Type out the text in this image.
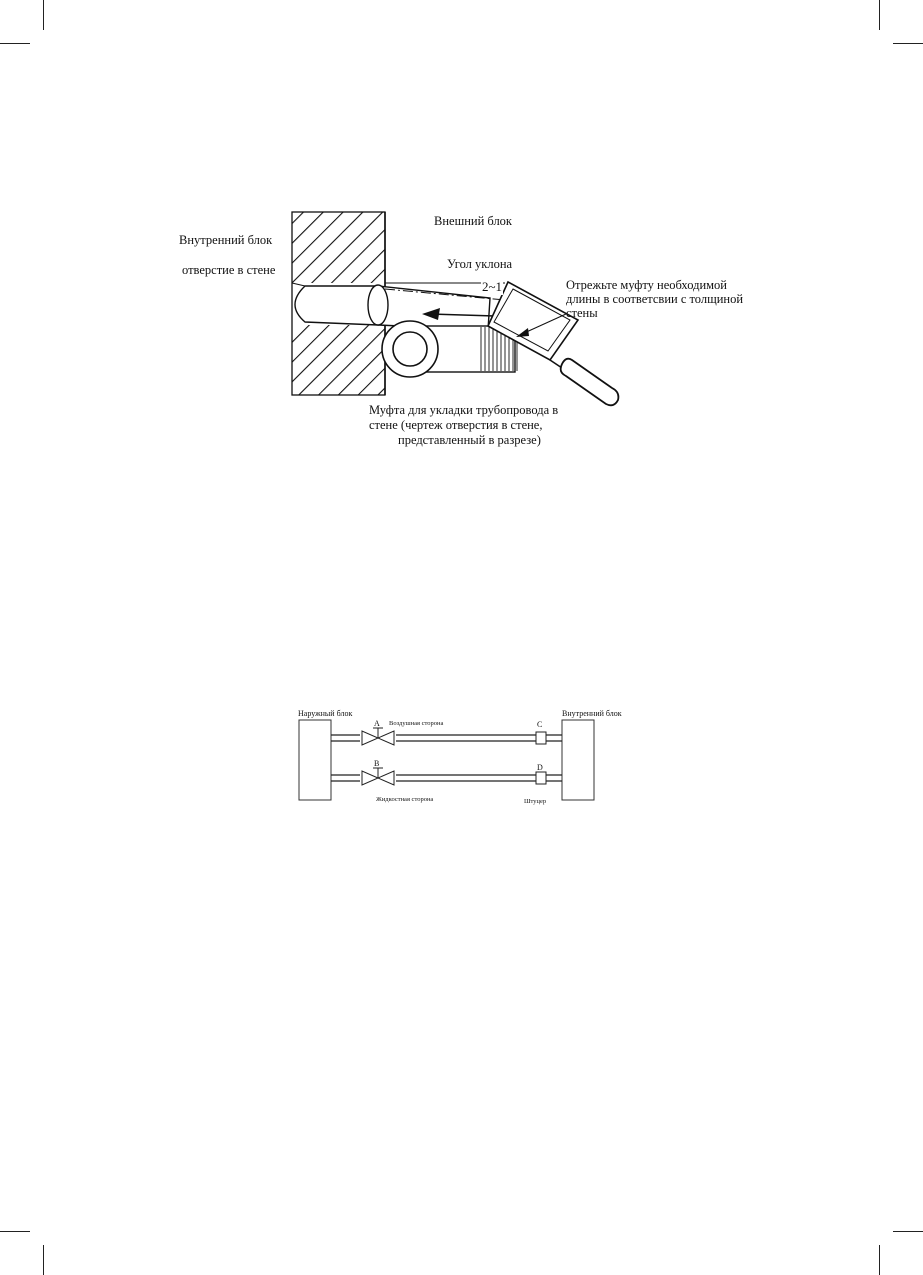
Внутренний блок
отверстие в стене
Внешний блок
Угол уклона
2~1	Отрежьте муфту необходимой
длины в соответсвии с толщиной
стены
Муфта для укладки трубопровода в
стене (чертеж отверстия в стене,
представленный в разрезе)
Наружный блок	Внутренний блок
A
B
C
D
Воздушная сторона
Жидкостная сторона	Штуцер
